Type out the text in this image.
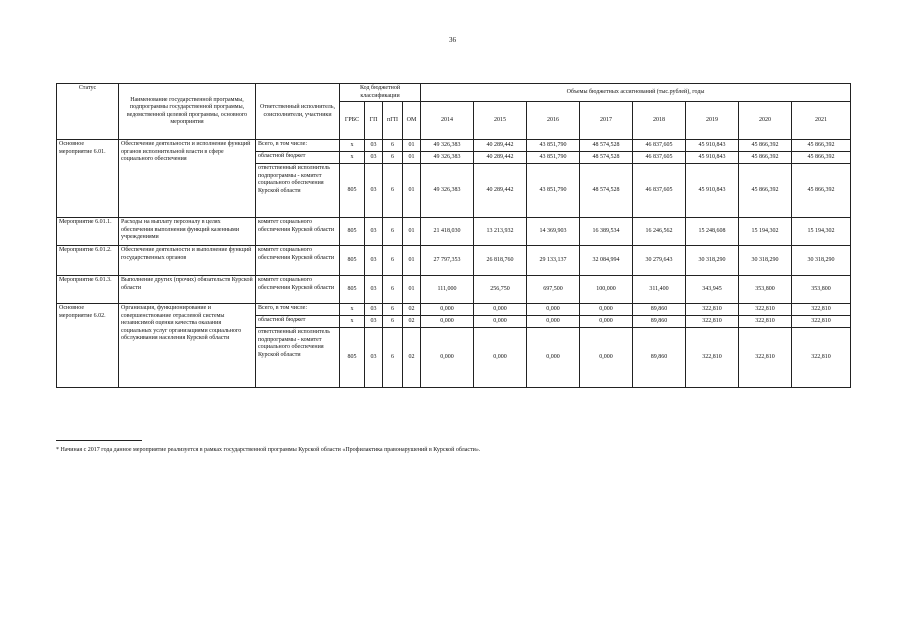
36
Статус	Наименование государственной программы, подпрограммы государственной программы, ведомственной целевой программы, основного мероприятия	Ответственный исполнитель, соисполнители, участники	Код бюджетной классификации				Объемы бюджетных ассигнований (тыс.рублей), годы							
			ГРБС	ГП	пГП	ОМ	2014	2015	2016	2017	2018	2019	2020	2021
Основное мероприятие 6.01.	Обеспечение деятельности и исполнение функций органов исполнительной власти в сфере социального обеспечения	Всего, в том числе:	x	03	6	01	49 326,383	40 289,442	43 851,790	48 574,528	46 837,605	45 910,843	45 866,392	45 866,392
		областной бюджет	x	03	6	01	49 326,383	40 289,442	43 851,790	48 574,528	46 837,605	45 910,843	45 866,392	45 866,392
		ответственный исполнитель подпрограммы - комитет социального обеспечения Курской области	805	03	6	01	49 326,383	40 289,442	43 851,790	48 574,528	46 837,605	45 910,843	45 866,392	45 866,392
Мероприятие 6.01.1.	Расходы на выплату персоналу в целях обеспечения выполнения функций казенными учреждениями	комитет социального обеспечения Курской области	805	03	6	01	21 418,030	13 213,932	14 369,903	16 389,534	16 246,562	15 248,608	15 194,302	15 194,302
Мероприятие 6.01.2.	Обеспечение деятельности и выполнение функций государственных органов	комитет социального обеспечения Курской области	805	03	6	01	27 797,353	26 818,760	29 133,137	32 084,994	30 279,643	30 318,290	30 318,290	30 318,290
Мероприятие 6.01.3.	Выполнение других (прочих) обязательств Курской области	комитет социального обеспечения Курской области	805	03	6	01	111,000	256,750	697,500	100,000	311,400	343,945	353,800	353,800
Основное мероприятие 6.02.	Организация, функционирование и совершенствование отраслевой системы независимой оценки качества оказания социальных услуг организациями социального обслуживания населения Курской области	Всего, в том числе:	x	03	6	02	0,000	0,000	0,000	0,000	89,860	322,810	322,810	322,810
		областной бюджет	x	03	6	02	0,000	0,000	0,000	0,000	89,860	322,810	322,810	322,810
		ответственный исполнитель подпрограммы - комитет социального обеспечения Курской области	805	03	6	02	0,000	0,000	0,000	0,000	89,860	322,810	322,810	322,810
* Начиная с 2017 года данное мероприятие реализуется в рамках государственной программы Курской области «Профилактика правонарушений в Курской области».
